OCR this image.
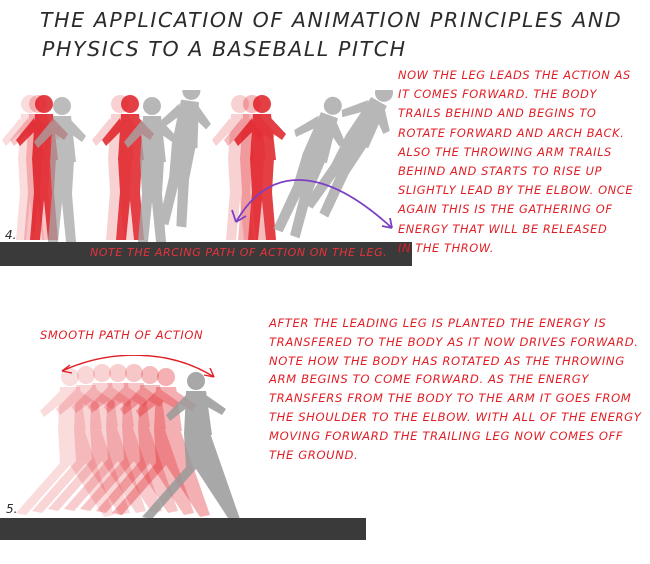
THE APPLICATION OF ANIMATION PRINCIPLES AND
PHYSICS TO A BASEBALL PITCH
NOTE THE ARCING PATH OF ACTION ON THE LEG.
4.
NOW THE LEG LEADS THE ACTION AS
IT COMES FORWARD. THE BODY
TRAILS BEHIND AND BEGINS TO
ROTATE FORWARD AND ARCH BACK.
ALSO THE THROWING ARM TRAILS
BEHIND AND STARTS TO RISE UP
SLIGHTLY LEAD BY THE ELBOW. ONCE
AGAIN THIS IS THE GATHERING OF
ENERGY THAT WILL BE RELEASED
IN THE THROW.
SMOOTH PATH OF ACTION
5.
AFTER THE LEADING LEG IS PLANTED THE ENERGY IS
TRANSFERED TO THE BODY AS IT NOW DRIVES FORWARD.
NOTE HOW THE BODY HAS ROTATED AS THE THROWING
ARM BEGINS TO COME FORWARD. AS THE ENERGY
TRANSFERS FROM THE BODY TO THE ARM IT GOES FROM
THE SHOULDER TO THE ELBOW. WITH ALL OF THE ENERGY
MOVING FORWARD THE TRAILING LEG NOW COMES OFF
THE GROUND.
